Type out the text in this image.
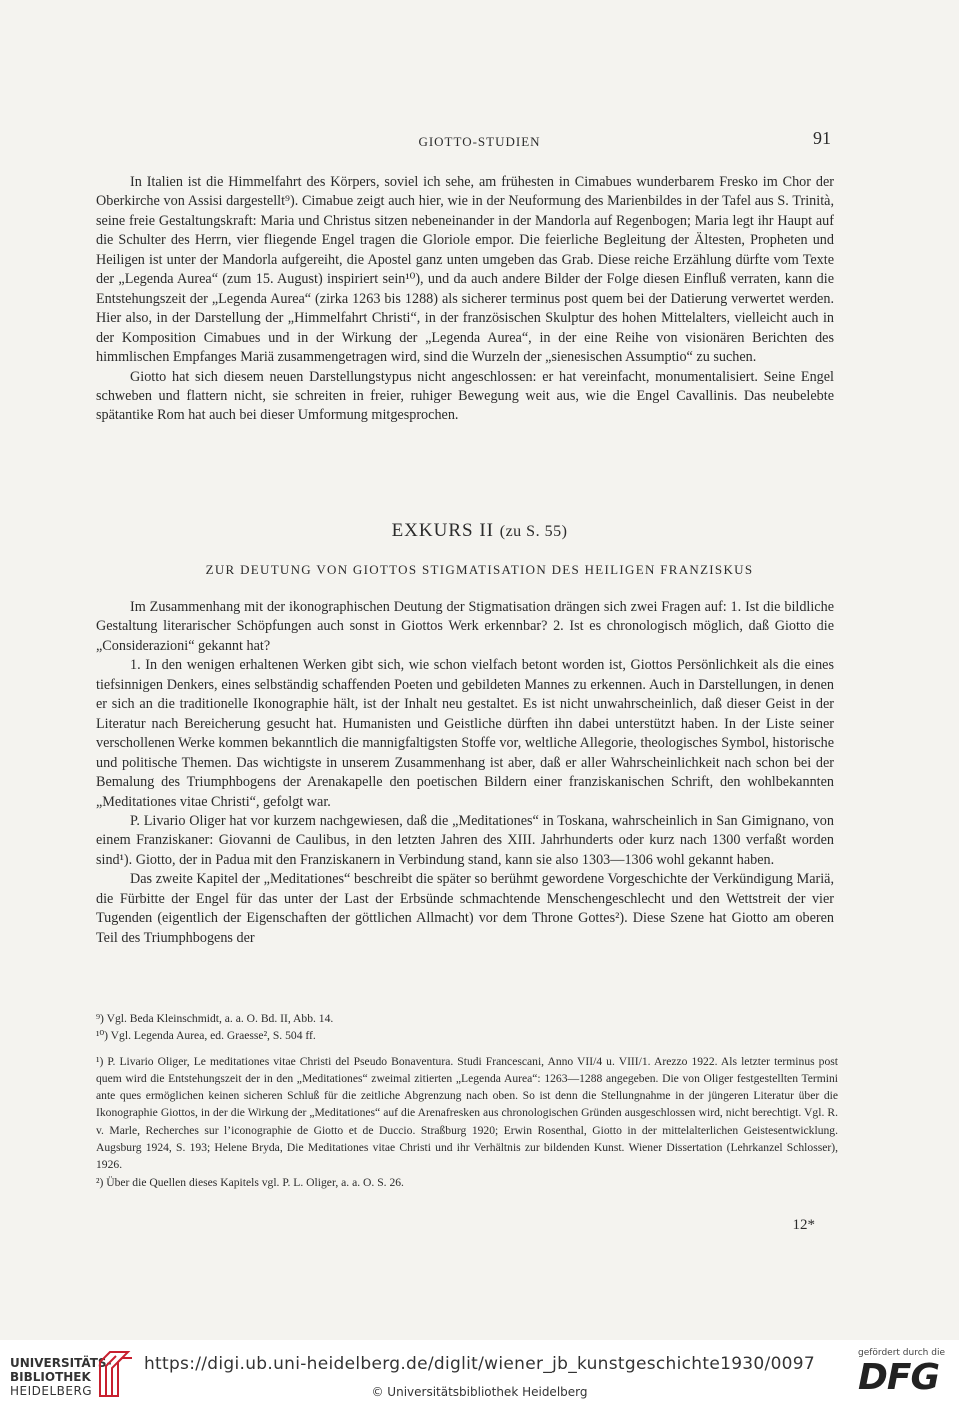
GIOTTO-STUDIEN	91

In Italien ist die Himmelfahrt des Körpers, soviel ich sehe, am frühesten in Cimabues wunderbarem Fresko im Chor der Oberkirche von Assisi dargestellt⁹). Cimabue zeigt auch hier, wie in der Neuformung des Marienbildes in der Tafel aus S. Trinità, seine freie Gestaltungskraft: Maria und Christus sitzen nebeneinander in der Mandorla auf Regenbogen; Maria legt ihr Haupt auf die Schulter des Herrn, vier fliegende Engel tragen die Gloriole empor. Die feierliche Begleitung der Ältesten, Propheten und Heiligen ist unter der Mandorla aufgereiht, die Apostel ganz unten umgeben das Grab. Diese reiche Erzählung dürfte vom Texte der „Legenda Aurea“ (zum 15. August) inspiriert sein¹⁰), und da auch andere Bilder der Folge diesen Einfluß verraten, kann die Entstehungszeit der „Legenda Aurea“ (zirka 1263 bis 1288) als sicherer terminus post quem bei der Datierung verwertet werden. Hier also, in der Darstellung der „Himmelfahrt Christi“, in der französischen Skulptur des hohen Mittelalters, vielleicht auch in der Komposition Cimabues und in der Wirkung der „Legenda Aurea“, in der eine Reihe von visionären Berichten des himmlischen Empfanges Mariä zusammengetragen wird, sind die Wurzeln der „sienesischen Assumptio“ zu suchen.

Giotto hat sich diesem neuen Darstellungstypus nicht angeschlossen: er hat vereinfacht, monumentalisiert. Seine Engel schweben und flattern nicht, sie schreiten in freier, ruhiger Bewegung weit aus, wie die Engel Cavallinis. Das neubelebte spätantike Rom hat auch bei dieser Umformung mitgesprochen.

EXKURS II (zu S. 55)
ZUR DEUTUNG VON GIOTTOS STIGMATISATION DES HEILIGEN FRANZISKUS

Im Zusammenhang mit der ikonographischen Deutung der Stigmatisation drängen sich zwei Fragen auf: 1. Ist die bildliche Gestaltung literarischer Schöpfungen auch sonst in Giottos Werk erkennbar? 2. Ist es chronologisch möglich, daß Giotto die „Considerazioni“ gekannt hat?

1. In den wenigen erhaltenen Werken gibt sich, wie schon vielfach betont worden ist, Giottos Persönlichkeit als die eines tiefsinnigen Denkers, eines selbständig schaffenden Poeten und gebildeten Mannes zu erkennen. Auch in Darstellungen, in denen er sich an die traditionelle Ikonographie hält, ist der Inhalt neu gestaltet. Es ist nicht unwahrscheinlich, daß dieser Geist in der Literatur nach Bereicherung gesucht hat. Humanisten und Geistliche dürften ihn dabei unterstützt haben. In der Liste seiner verschollenen Werke kommen bekanntlich die mannigfaltigsten Stoffe vor, weltliche Allegorie, theologisches Symbol, historische und politische Themen. Das wichtigste in unserem Zusammenhang ist aber, daß er aller Wahrscheinlichkeit nach schon bei der Bemalung des Triumphbogens der Arenakapelle den poetischen Bildern einer franziskanischen Schrift, den wohlbekannten „Meditationes vitae Christi“, gefolgt war.

P. Livario Oliger hat vor kurzem nachgewiesen, daß die „Meditationes“ in Toskana, wahrscheinlich in San Gimignano, von einem Franziskaner: Giovanni de Caulibus, in den letzten Jahren des XIII. Jahrhunderts oder kurz nach 1300 verfaßt worden sind¹). Giotto, der in Padua mit den Franziskanern in Verbindung stand, kann sie also 1303—1306 wohl gekannt haben.

Das zweite Kapitel der „Meditationes“ beschreibt die später so berühmt gewordene Vorgeschichte der Verkündigung Mariä, die Fürbitte der Engel für das unter der Last der Erbsünde schmachtende Menschengeschlecht und den Wettstreit der vier Tugenden (eigentlich der Eigenschaften der göttlichen Allmacht) vor dem Throne Gottes²). Diese Szene hat Giotto am oberen Teil des Triumphbogens der

⁹) Vgl. Beda Kleinschmidt, a. a. O. Bd. II, Abb. 14.

¹⁰) Vgl. Legenda Aurea, ed. Graesse², S. 504 ff.

¹) P. Livario Oliger, Le meditationes vitae Christi del Pseudo Bonaventura. Studi Francescani, Anno VII/4 u. VIII/1. Arezzo 1922. Als letzter terminus post quem wird die Entstehungszeit der in den „Meditationes“ zweimal zitierten „Legenda Aurea“: 1263—1288 angegeben. Die von Oliger festgestellten Termini ante ques ermöglichen keinen sicheren Schluß für die zeitliche Abgrenzung nach oben. So ist denn die Stellungnahme in der jüngeren Literatur über die Ikonographie Giottos, in der die Wirkung der „Meditationes“ auf die Arenafresken aus chronologischen Gründen ausgeschlossen wird, nicht berechtigt. Vgl. R. v. Marle, Recherches sur l’iconographie de Giotto et de Duccio. Straßburg 1920; Erwin Rosenthal, Giotto in der mittelalterlichen Geistesentwicklung. Augsburg 1924, S. 193; Helene Bryda, Die Meditationes vitae Christi und ihr Verhältnis zur bildenden Kunst. Wiener Dissertation (Lehrkanzel Schlosser), 1926.

²) Über die Quellen dieses Kapitels vgl. P. L. Oliger, a. a. O. S. 26.

12*
UNIVERSITÄTS-
BIBLIOTHEK
HEIDELBERG
https://digi.ub.uni-heidelberg.de/diglit/wiener_jb_kunstgeschichte1930/0097
© Universitätsbibliothek Heidelberg
gefördert durch die
DFG
